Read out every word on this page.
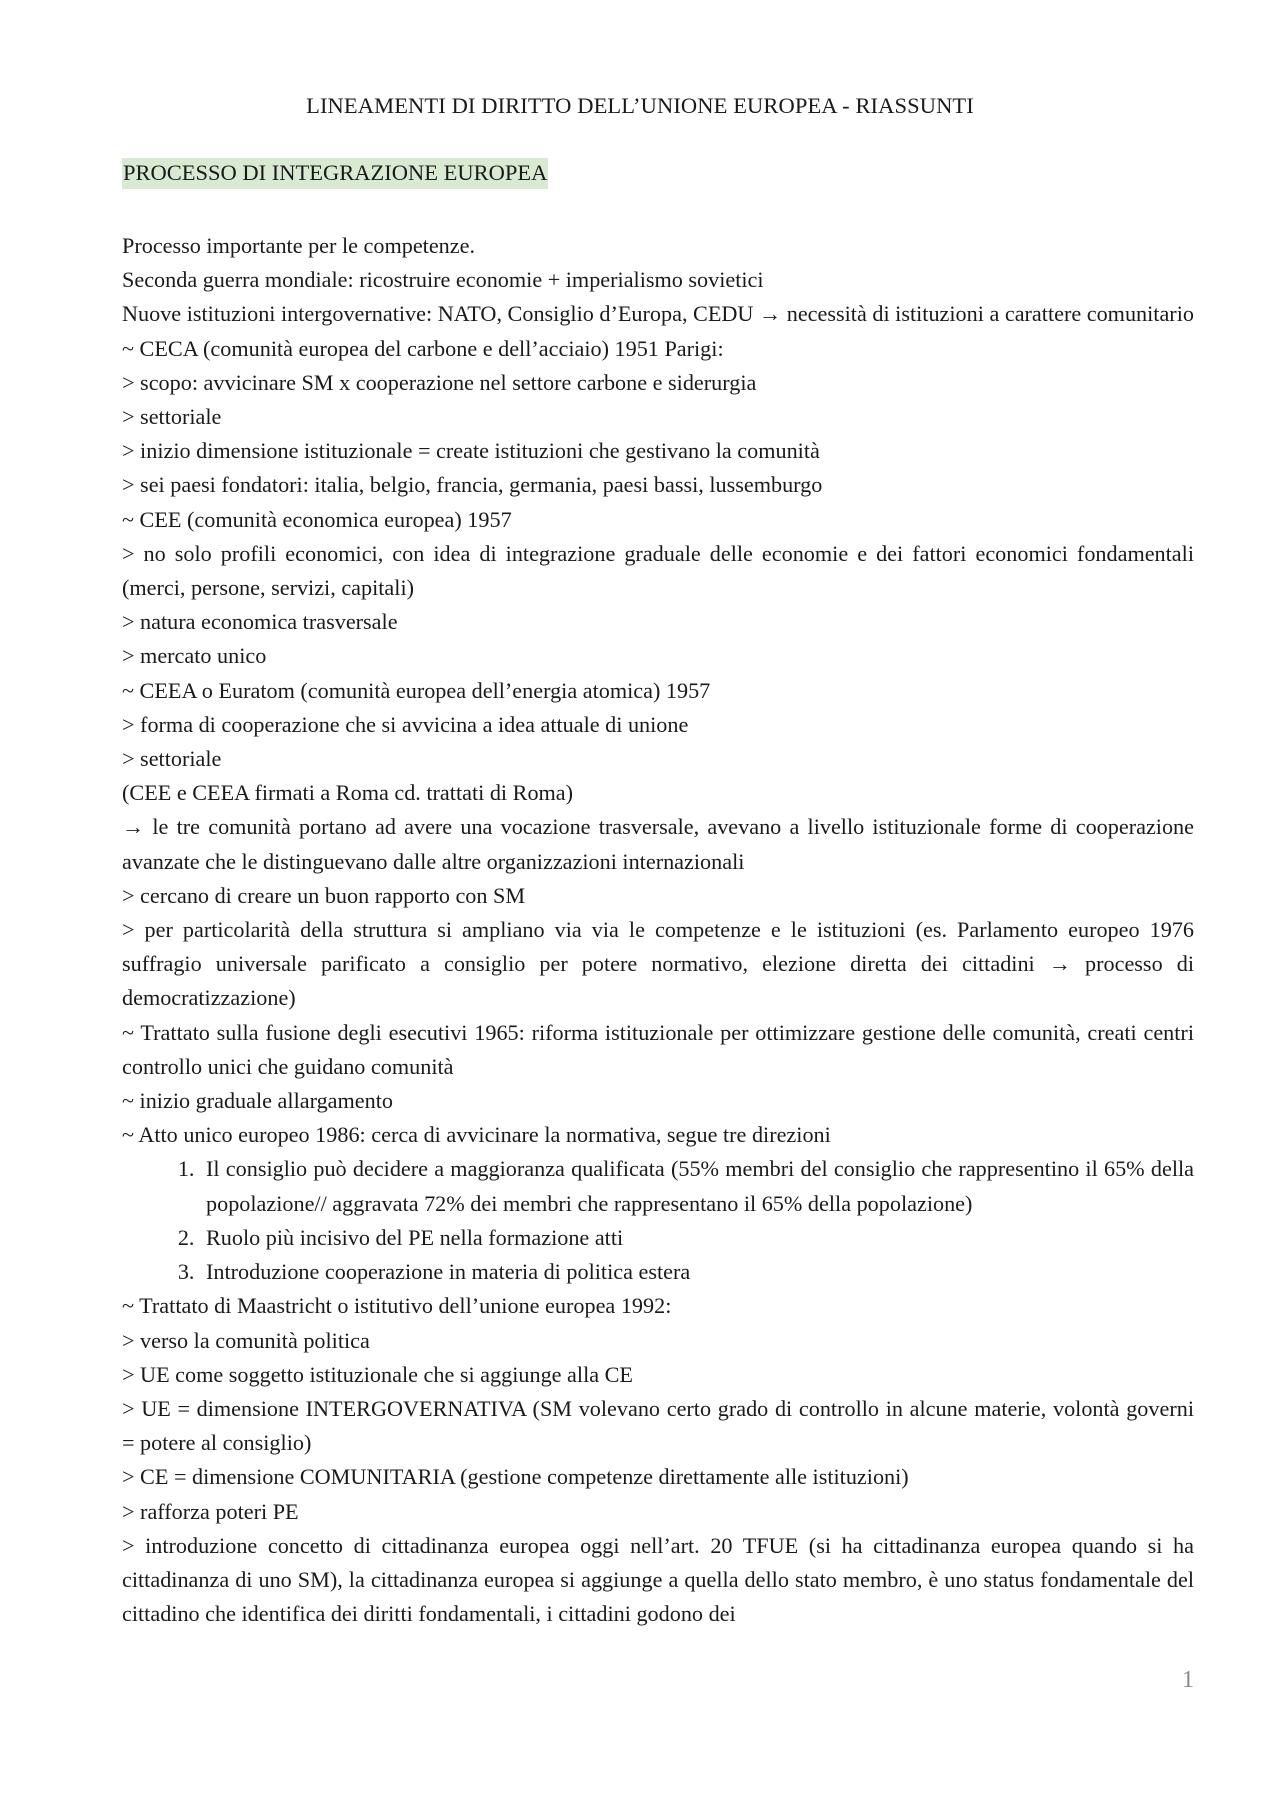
LINEAMENTI DI DIRITTO DELL’UNIONE EUROPEA - RIASSUNTI
PROCESSO DI INTEGRAZIONE EUROPEA

Processo importante per le competenze.

Seconda guerra mondiale: ricostruire economie + imperialismo sovietici

Nuove istituzioni intergovernative: NATO, Consiglio d’Europa, CEDU → necessità di istituzioni a carattere comunitario

~ CECA (comunità europea del carbone e dell’acciaio) 1951 Parigi:

> scopo: avvicinare SM x cooperazione nel settore carbone e siderurgia

> settoriale

> inizio dimensione istituzionale = create istituzioni che gestivano la comunità

> sei paesi fondatori: italia, belgio, francia, germania, paesi bassi, lussemburgo

~ CEE (comunità economica europea) 1957

> no solo profili economici, con idea di integrazione graduale delle economie e dei fattori economici fondamentali (merci, persone, servizi, capitali)

> natura economica trasversale

> mercato unico

~ CEEA o Euratom (comunità europea dell’energia atomica) 1957

> forma di cooperazione che si avvicina a idea attuale di unione

> settoriale

(CEE e CEEA firmati a Roma cd. trattati di Roma)

→ le tre comunità portano ad avere una vocazione trasversale, avevano a livello istituzionale forme di cooperazione avanzate che le distinguevano dalle altre organizzazioni internazionali

> cercano di creare un buon rapporto con SM

> per particolarità della struttura si ampliano via via le competenze e le istituzioni (es. Parlamento europeo 1976 suffragio universale parificato a consiglio per potere normativo, elezione diretta dei cittadini → processo di democratizzazione)

~ Trattato sulla fusione degli esecutivi 1965: riforma istituzionale per ottimizzare gestione delle comunità, creati centri controllo unici che guidano comunità

~ inizio graduale allargamento

~ Atto unico europeo 1986: cerca di avvicinare la normativa, segue tre direzioni

1. Il consiglio può decidere a maggioranza qualificata (55% membri del consiglio che rappresentino il 65% della popolazione// aggravata 72% dei membri che rappresentano il 65% della popolazione)
2. Ruolo più incisivo del PE nella formazione atti
3. Introduzione cooperazione in materia di politica estera

~ Trattato di Maastricht o istitutivo dell’unione europea 1992:

> verso la comunità politica

> UE come soggetto istituzionale che si aggiunge alla CE

> UE = dimensione INTERGOVERNATIVA (SM volevano certo grado di controllo in alcune materie, volontà governi = potere al consiglio)

> CE = dimensione COMUNITARIA (gestione competenze direttamente alle istituzioni)

> rafforza poteri PE

> introduzione concetto di cittadinanza europea oggi nell’art. 20 TFUE (si ha cittadinanza europea quando si ha cittadinanza di uno SM), la cittadinanza europea si aggiunge a quella dello stato membro, è uno status fondamentale del cittadino che identifica dei diritti fondamentali, i cittadini godono dei

1
